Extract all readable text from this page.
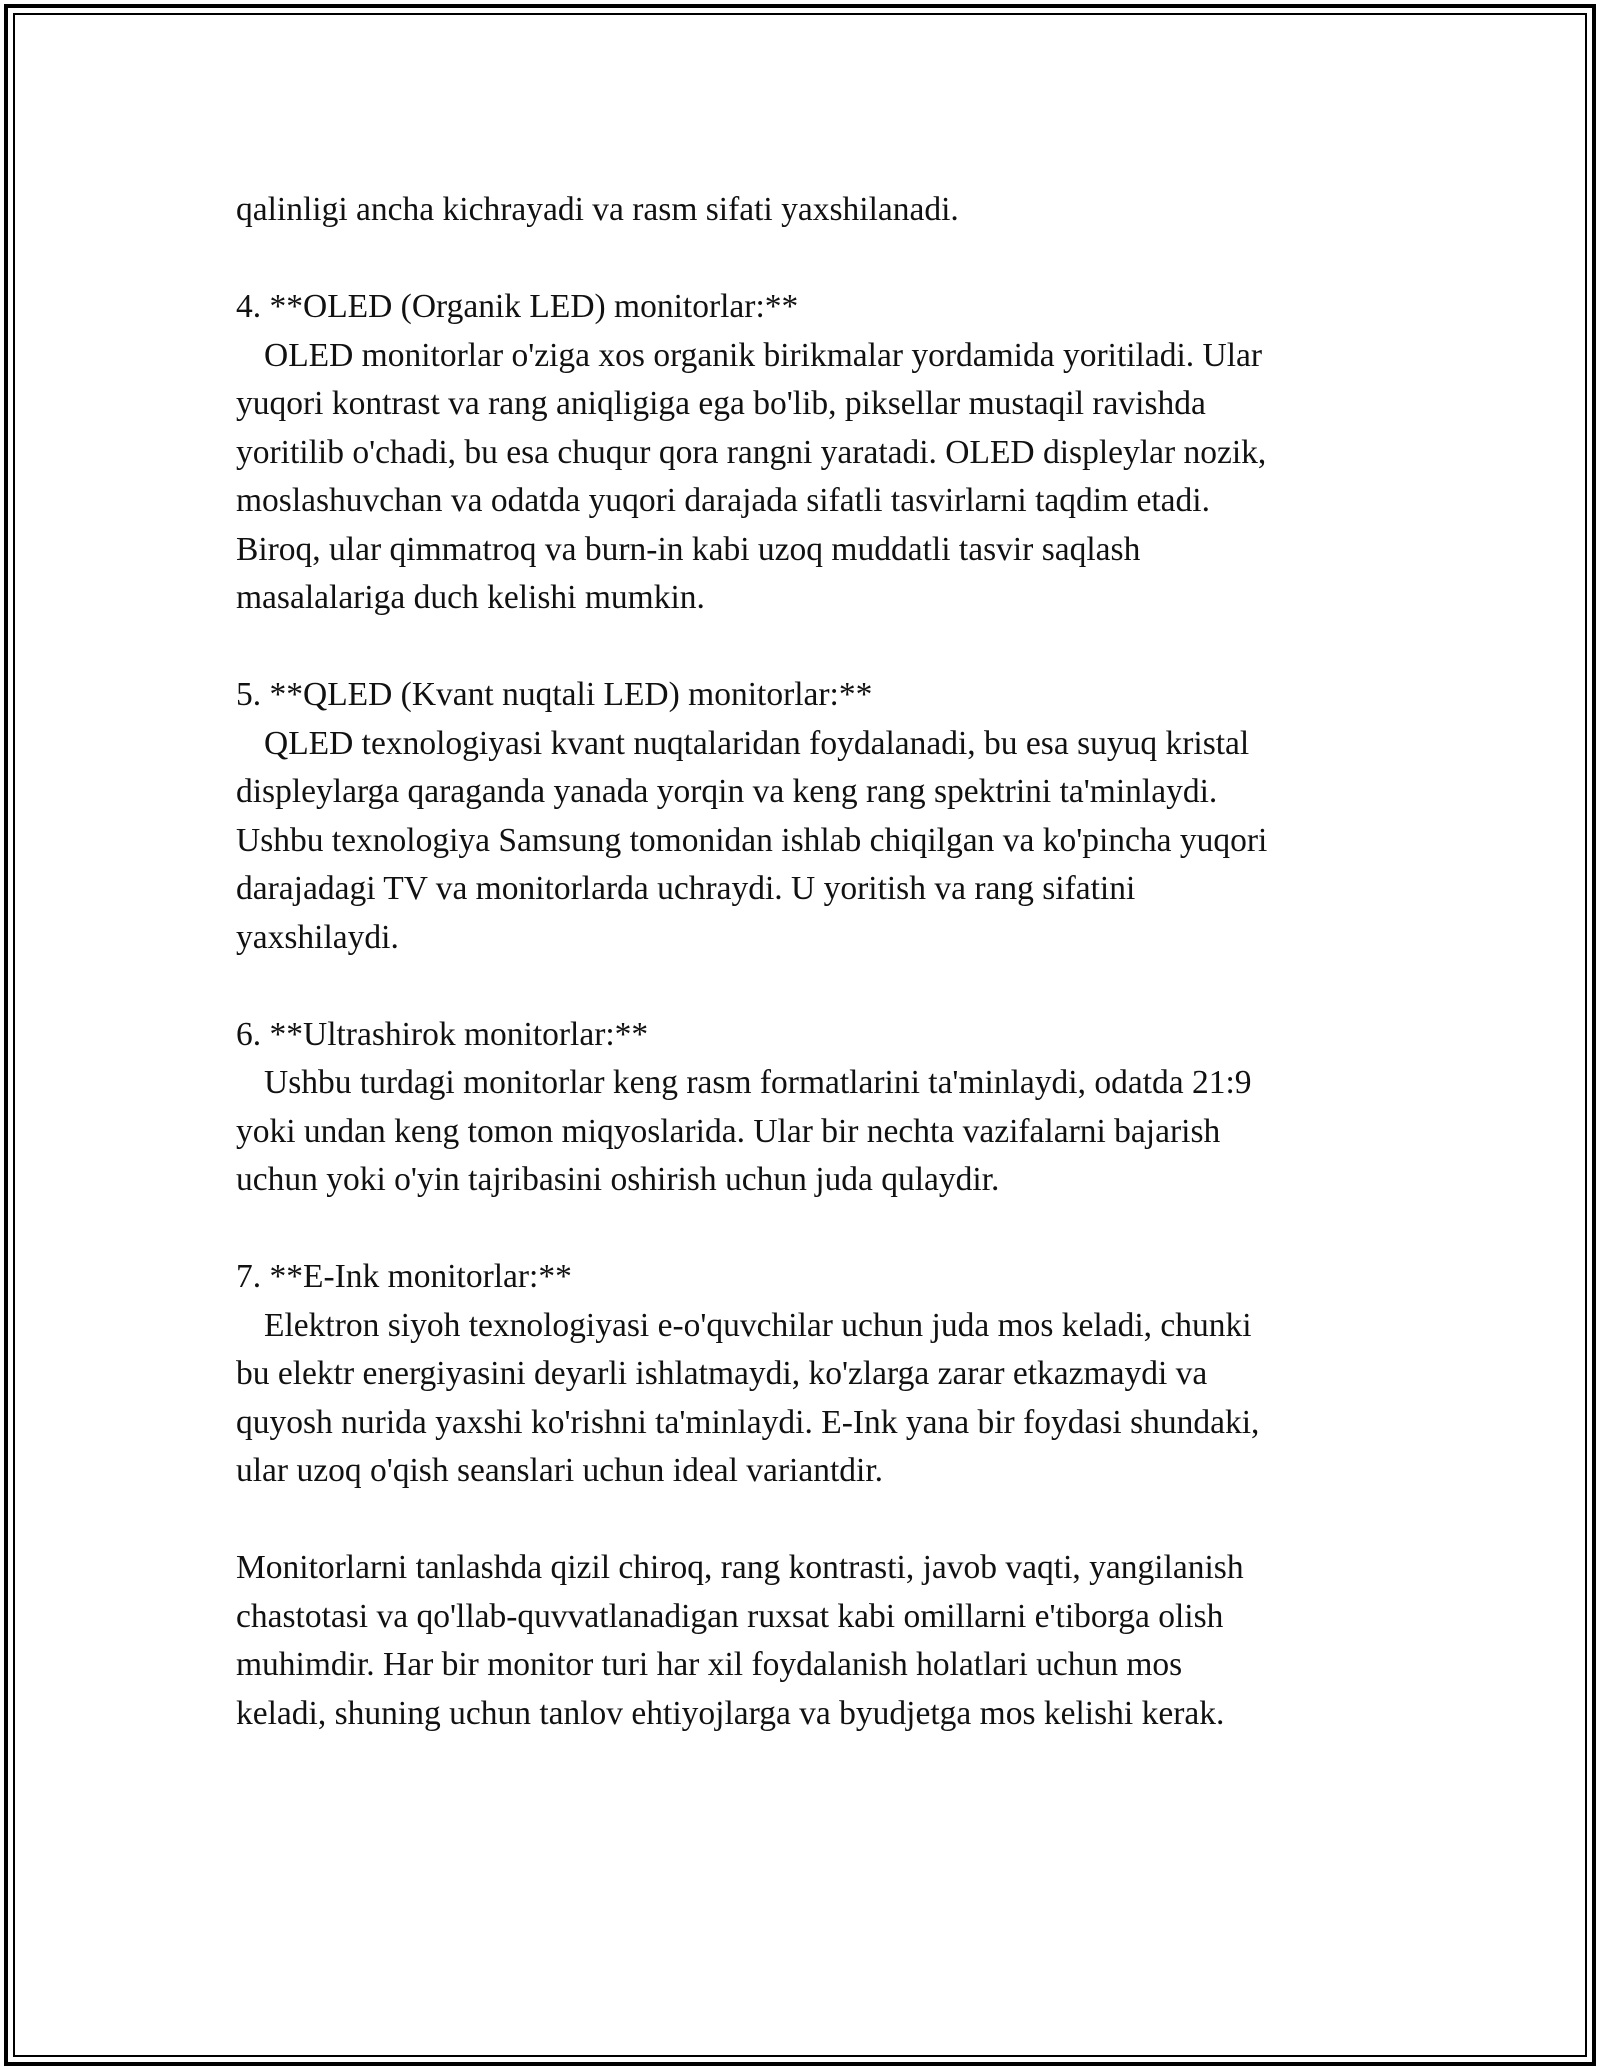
qalinligi ancha kichrayadi va rasm sifati yaxshilanadi.

4. **OLED (Organik LED) monitorlar:**

OLED monitorlar o'ziga xos organik birikmalar yordamida yoritiladi. Ular

yuqori kontrast va rang aniqligiga ega bo'lib, piksellar mustaqil ravishda

yoritilib o'chadi, bu esa chuqur qora rangni yaratadi. OLED displeylar nozik,

moslashuvchan va odatda yuqori darajada sifatli tasvirlarni taqdim etadi.

Biroq, ular qimmatroq va burn-in kabi uzoq muddatli tasvir saqlash

masalalariga duch kelishi mumkin.

5. **QLED (Kvant nuqtali LED) monitorlar:**

QLED texnologiyasi kvant nuqtalaridan foydalanadi, bu esa suyuq kristal

displeylarga qaraganda yanada yorqin va keng rang spektrini ta'minlaydi.

Ushbu texnologiya Samsung tomonidan ishlab chiqilgan va ko'pincha yuqori

darajadagi TV va monitorlarda uchraydi. U yoritish va rang sifatini

yaxshilaydi.

6. **Ultrashirok monitorlar:**

Ushbu turdagi monitorlar keng rasm formatlarini ta'minlaydi, odatda 21:9

yoki undan keng tomon miqyoslarida. Ular bir nechta vazifalarni bajarish

uchun yoki o'yin tajribasini oshirish uchun juda qulaydir.

7. **E-Ink monitorlar:**

Elektron siyoh texnologiyasi e-o'quvchilar uchun juda mos keladi, chunki

bu elektr energiyasini deyarli ishlatmaydi, ko'zlarga zarar etkazmaydi va

quyosh nurida yaxshi ko'rishni ta'minlaydi. E-Ink yana bir foydasi shundaki,

ular uzoq o'qish seanslari uchun ideal variantdir.

Monitorlarni tanlashda qizil chiroq, rang kontrasti, javob vaqti, yangilanish

chastotasi va qo'llab-quvvatlanadigan ruxsat kabi omillarni e'tiborga olish

muhimdir. Har bir monitor turi har xil foydalanish holatlari uchun mos

keladi, shuning uchun tanlov ehtiyojlarga va byudjetga mos kelishi kerak.
